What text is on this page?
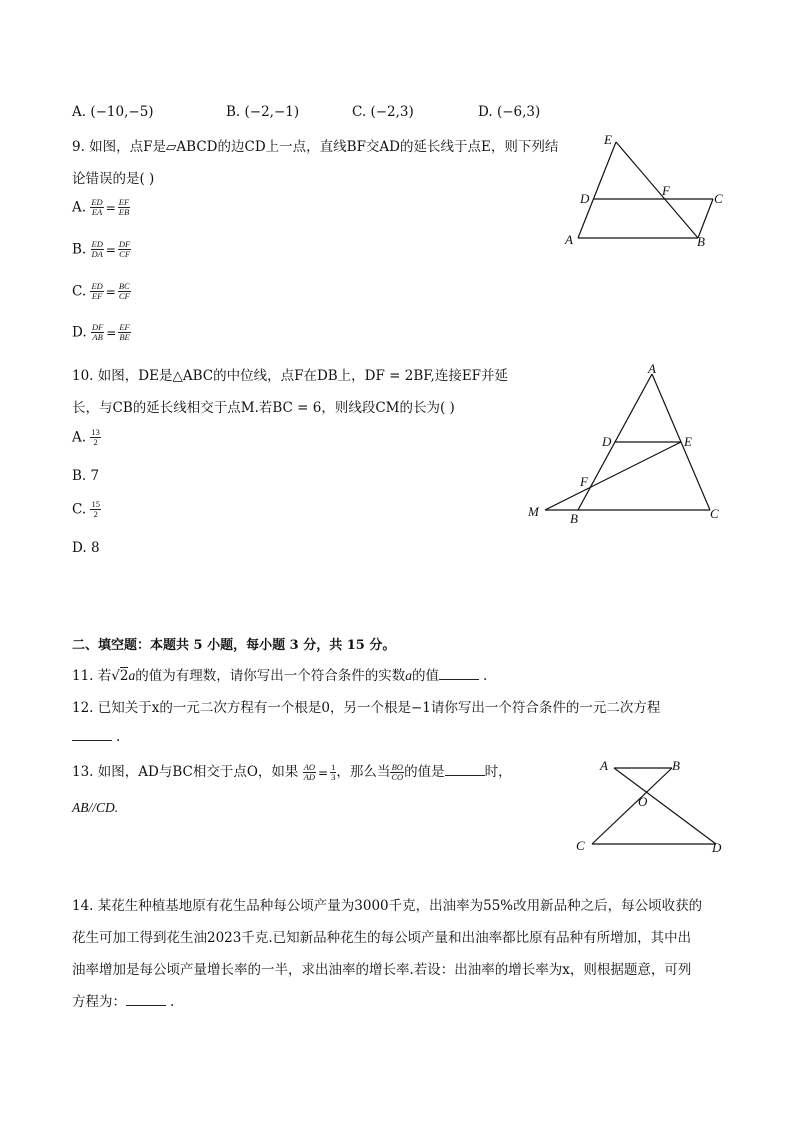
A. (−10,−5)	B. (−2,−1)	C. (−2,3)	D. (−6,3)
9. 如图，点F是▱ABCD的边CD上一点，直线BF交AD的延长线于点E，则下列结
论错误的是( )
A. $\frac{ED}{EA} = \frac{EF}{EB}$
B. $\frac{ED}{DA} = \frac{DF}{CF}$
C. $\frac{ED}{EF} = \frac{BC}{CF}$
D. $\frac{DF}{AB} = \frac{EF}{BE}$
E
D
F
C
A	B
10. 如图，DE是△ABC的中位线，点F在DB上，DF = 2BF,连接EF并延
长，与CB的延长线相交于点M.若BC = 6，则线段CM的长为( )
A. $\frac{13}{2}$
B. 7
C. $\frac{15}{2}$
D. 8
A
D	E
F
M B	C
二、填空题：本题共 5 小题，每小题 3 分，共 15 分。
11. 若√2a的值为有理数，请你写出一个符合条件的实数a的值	.
12. 已知关于x的一元二次方程有一个根是0，另一个根是−1请你写出一个符合条件的一元二次方程
.
13. 如图，AD与BC相交于点O，如果 $\frac{AO}{AD} = \frac{1}{3}$ ，那么当 $\frac{BO}{CO}$ 的值是	时，
AB//CD.
A	B
O
C	D
14. 某花生种植基地原有花生品种每公顷产量为3000千克，出油率为55%改用新品种之后，每公顷收获的
花生可加工得到花生油2023千克.已知新品种花生的每公顷产量和出油率都比原有品种有所增加，其中出
油率增加是每公顷产量增长率的一半，求出油率的增长率.若设：出油率的增长率为x，则根据题意，可列
方程为：	.
